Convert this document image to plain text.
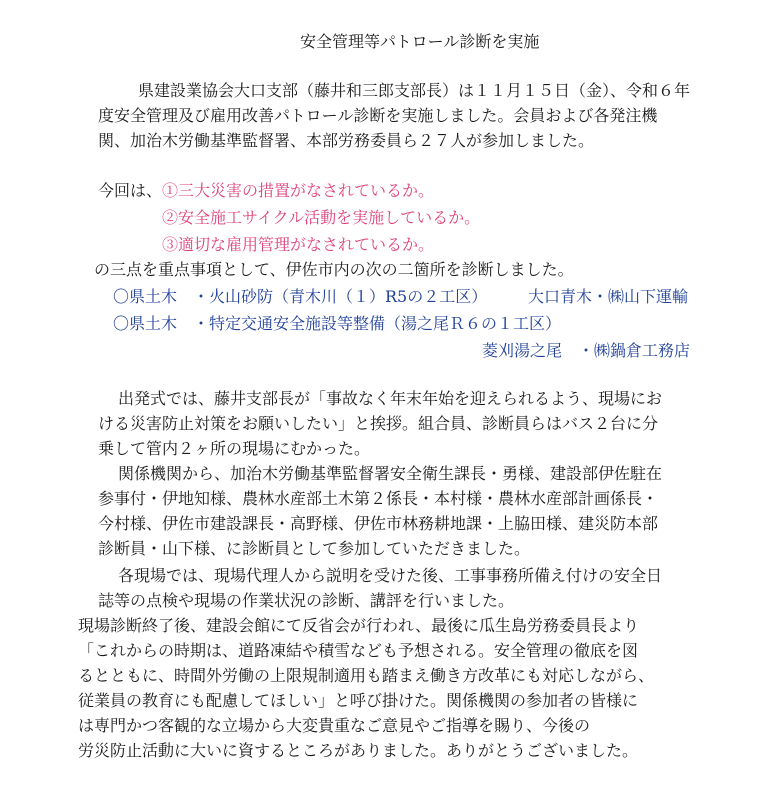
安全管理等パトロール診断を実施
県建設業協会大口支部（藤井和三郎支部長）は１１月１５日（金）、令和６年
度安全管理及び雇用改善パトロール診断を実施しました。会員および各発注機
関、加治木労働基準監督署、本部労務委員ら２７人が参加しました。
今回は、 ①三大災害の措置がなされているか。
②安全施工サイクル活動を実施しているか。
③適切な雇用管理がなされているか。
の三点を重点事項として、伊佐市内の次の二箇所を診断しました。
〇県土木　・火山砂防（青木川（１）R5の２工区）	大口青木・㈱山下運輸
〇県土木　・特定交通安全施設等整備（湯之尾Ｒ６の１工区）
菱刈湯之尾　・㈱鍋倉工務店
出発式では、藤井支部長が「事故なく年末年始を迎えられるよう、現場にお
ける災害防止対策をお願いしたい」と挨拶。組合員、診断員らはバス２台に分
乗して管内２ヶ所の現場にむかった。
関係機関から、加治木労働基準監督署安全衛生課長・勇様、建設部伊佐駐在
参事付・伊地知様、農林水産部土木第２係長・本村様・農林水産部計画係長・
今村様、伊佐市建設課長・高野様、伊佐市林務耕地課・上脇田様、建災防本部
診断員・山下様、に診断員として参加していただきました。
各現場では、現場代理人から説明を受けた後、工事事務所備え付けの安全日
誌等の点検や現場の作業状況の診断、講評を行いました。
現場診断終了後、建設会館にて反省会が行われ、最後に瓜生島労務委員長より
「これからの時期は、道路凍結や積雪なども予想される。安全管理の徹底を図
るとともに、時間外労働の上限規制適用も踏まえ働き方改革にも対応しながら、
従業員の教育にも配慮してほしい」と呼び掛けた。関係機関の参加者の皆様に
は専門かつ客観的な立場から大変貴重なご意見やご指導を賜り、今後の
労災防止活動に大いに資するところがありました。ありがとうございました。
